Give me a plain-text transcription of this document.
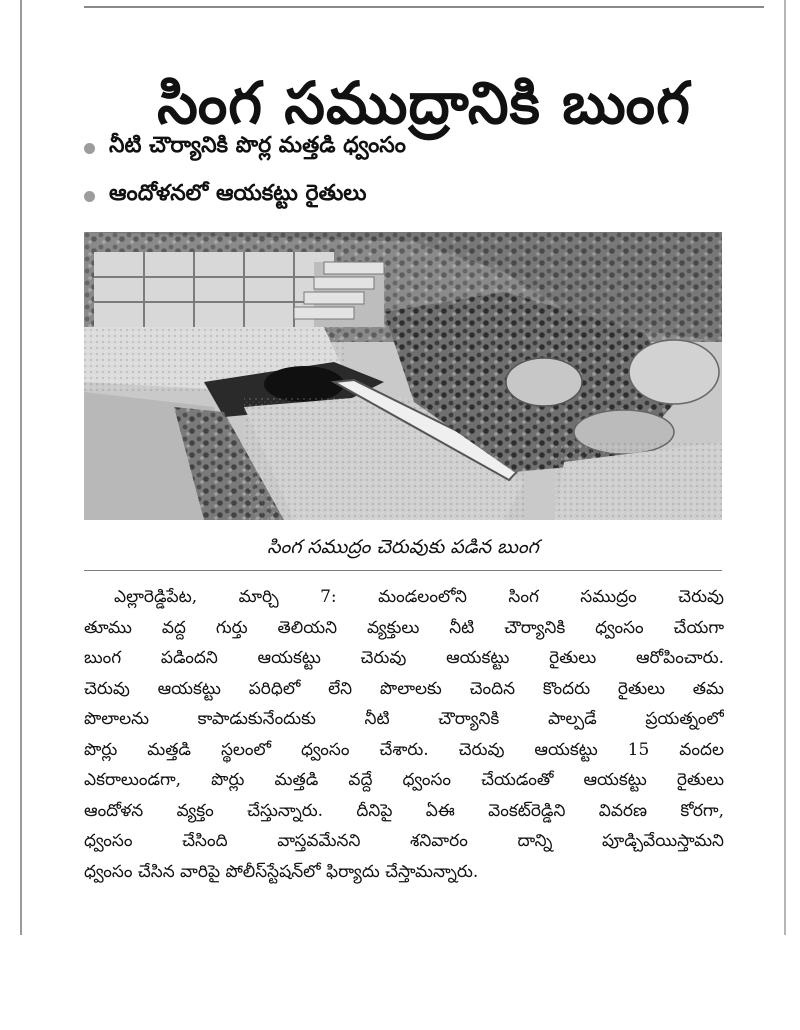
సింగ సముద్రానికి బుంగ
నీటి చౌర్యానికి పొర్ల మత్తడి ధ్వంసం
ఆందోళనలో ఆయకట్టు రైతులు
సింగ సముద్రం చెరువుకు పడిన బుంగ
ఎల్లారెడ్డిపేట, మార్చి 7: మండలంలోని సింగ సముద్రం చెరువు
తూము వద్ద గుర్తు తెలియని వ్యక్తులు నీటి చౌర్యానికి ధ్వంసం చేయగా
బుంగ పడిందని ఆయకట్టు చెరువు ఆయకట్టు రైతులు ఆరోపించారు.
చెరువు ఆయకట్టు పరిధిలో లేని పొలాలకు చెందిన కొందరు రైతులు తమ
పొలాలను కాపాడుకునేందుకు నీటి చౌర్యానికి పాల్పడే ప్రయత్నంలో
పొర్లు మత్తడి స్థలంలో ధ్వంసం చేశారు. చెరువు ఆయకట్టు 15 వందల
ఎకరాలుండగా, పొర్లు మత్తడి వద్దే ధ్వంసం చేయడంతో ఆయకట్టు రైతులు
ఆందోళన వ్యక్తం చేస్తున్నారు. దీనిపై ఏఈ వెంకట్‌రెడ్డిని వివరణ కోరగా,
ధ్వంసం చేసింది వాస్తవమేనని శనివారం దాన్ని పూడ్చివేయిస్తామని
ధ్వంసం చేసిన వారిపై పోలీస్‌స్టేషన్‌లో ఫిర్యాదు చేస్తామన్నారు.
